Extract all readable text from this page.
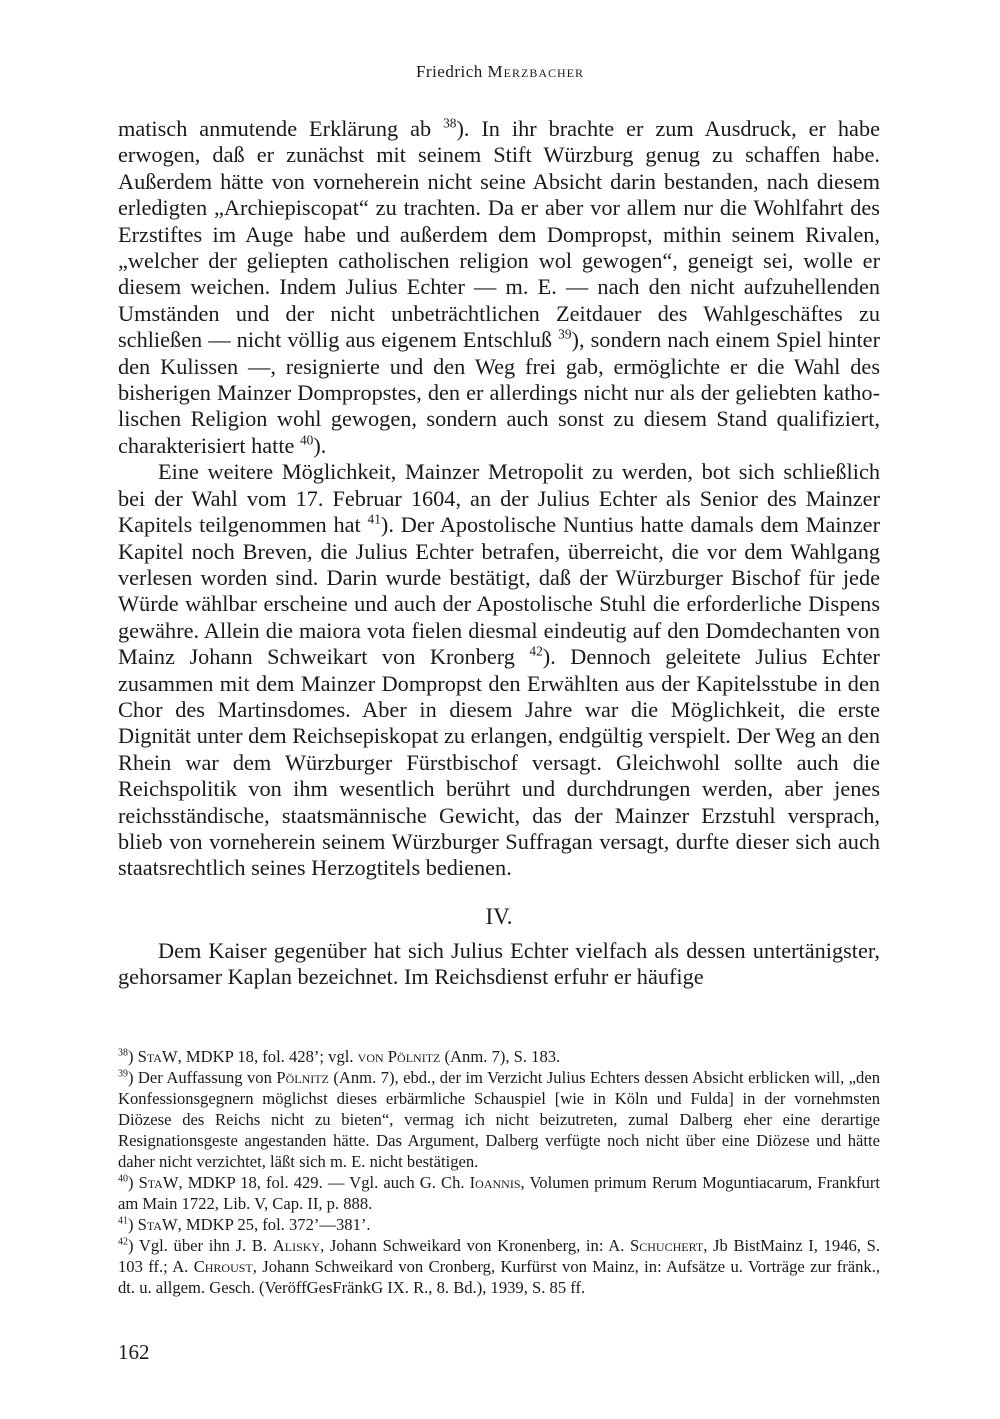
Friedrich Merzbacher

matisch anmutende Erklärung ab $^{38}$). In ihr brachte er zum Ausdruck, er habe erwogen, daß er zunächst mit seinem Stift Würzburg genug zu schaffen habe. Außerdem hätte von vorneherein nicht seine Absicht darin bestanden, nach diesem erledigten „Archiepiscopat“ zu trachten. Da er aber vor allem nur die Wohlfahrt des Erzstiftes im Auge habe und außerdem dem Dompropst, mithin seinem Rivalen, „welcher der geliepten catholischen religion wol gewogen“, geneigt sei, wolle er diesem weichen. Indem Julius Echter — m. E. — nach den nicht aufzuhellenden Umständen und der nicht unbeträchtlichen Zeitdauer des Wahlgeschäftes zu schließen — nicht völlig aus eigenem Entschluß $^{39}$), sondern nach einem Spiel hinter den Kulissen —, resignierte und den Weg frei gab, ermöglichte er die Wahl des bisherigen Mainzer Dompropstes, den er allerdings nicht nur als der geliebten katholischen Religion wohl gewogen, sondern auch sonst zu diesem Stand qualifiziert, charakterisiert hatte $^{40}$).

Eine weitere Möglichkeit, Mainzer Metropolit zu werden, bot sich schließlich bei der Wahl vom 17. Februar 1604, an der Julius Echter als Senior des Mainzer Kapitels teilgenommen hat $^{41}$). Der Apostolische Nuntius hatte damals dem Mainzer Kapitel noch Breven, die Julius Echter betrafen, überreicht, die vor dem Wahlgang verlesen worden sind. Darin wurde bestätigt, daß der Würzburger Bischof für jede Würde wählbar erscheine und auch der Apostolische Stuhl die erforderliche Dispens gewähre. Allein die maiora vota fielen diesmal eindeutig auf den Domdechanten von Mainz Johann Schweikart von Kronberg $^{42}$). Dennoch geleitete Julius Echter zusammen mit dem Mainzer Dompropst den Erwählten aus der Kapitelsstube in den Chor des Martinsdomes. Aber in diesem Jahre war die Möglichkeit, die erste Dignität unter dem Reichsepiskopat zu erlangen, endgültig verspielt. Der Weg an den Rhein war dem Würzburger Fürstbischof versagt. Gleichwohl sollte auch die Reichspolitik von ihm wesentlich berührt und durchdrungen werden, aber jenes reichsständische, staatsmännische Gewicht, das der Mainzer Erzstuhl versprach, blieb von vorneherein seinem Würzburger Suffragan versagt, durfte dieser sich auch staatsrechtlich seines Herzogtitels bedienen.

IV.

Dem Kaiser gegenüber hat sich Julius Echter vielfach als dessen untertänigster, gehorsamer Kaplan bezeichnet. Im Reichsdienst erfuhr er häufige

$^{38}$) StaW, MDKP 18, fol. 428’; vgl. von Pölnitz (Anm. 7), S. 183.

$^{39}$) Der Auffassung von Pölnitz (Anm. 7), ebd., der im Verzicht Julius Echters dessen Absicht erblicken will, „den Konfessionsgegnern möglichst dieses erbärmliche Schauspiel [wie in Köln und Fulda] in der vornehmsten Diözese des Reichs nicht zu bieten“, vermag ich nicht beizutreten, zumal Dalberg eher eine derartige Resignationsgeste angestanden hätte. Das Argument, Dalberg verfügte noch nicht über eine Diözese und hätte daher nicht verzichtet, läßt sich m. E. nicht bestätigen.

$^{40}$) StaW, MDKP 18, fol. 429. — Vgl. auch G. Ch. Ioannis, Volumen primum Rerum Moguntiacarum, Frankfurt am Main 1722, Lib. V, Cap. II, p. 888.

$^{41}$) StaW, MDKP 25, fol. 372’—381’.

$^{42}$) Vgl. über ihn J. B. Alisky, Johann Schweikard von Kronenberg, in: A. Schuchert, Jb BistMainz I, 1946, S. 103 ff.; A. Chroust, Johann Schweikard von Cronberg, Kurfürst von Mainz, in: Aufsätze u. Vorträge zur fränk., dt. u. allgem. Gesch. (VeröffGesFränkG IX. R., 8. Bd.), 1939, S. 85 ff.

162
